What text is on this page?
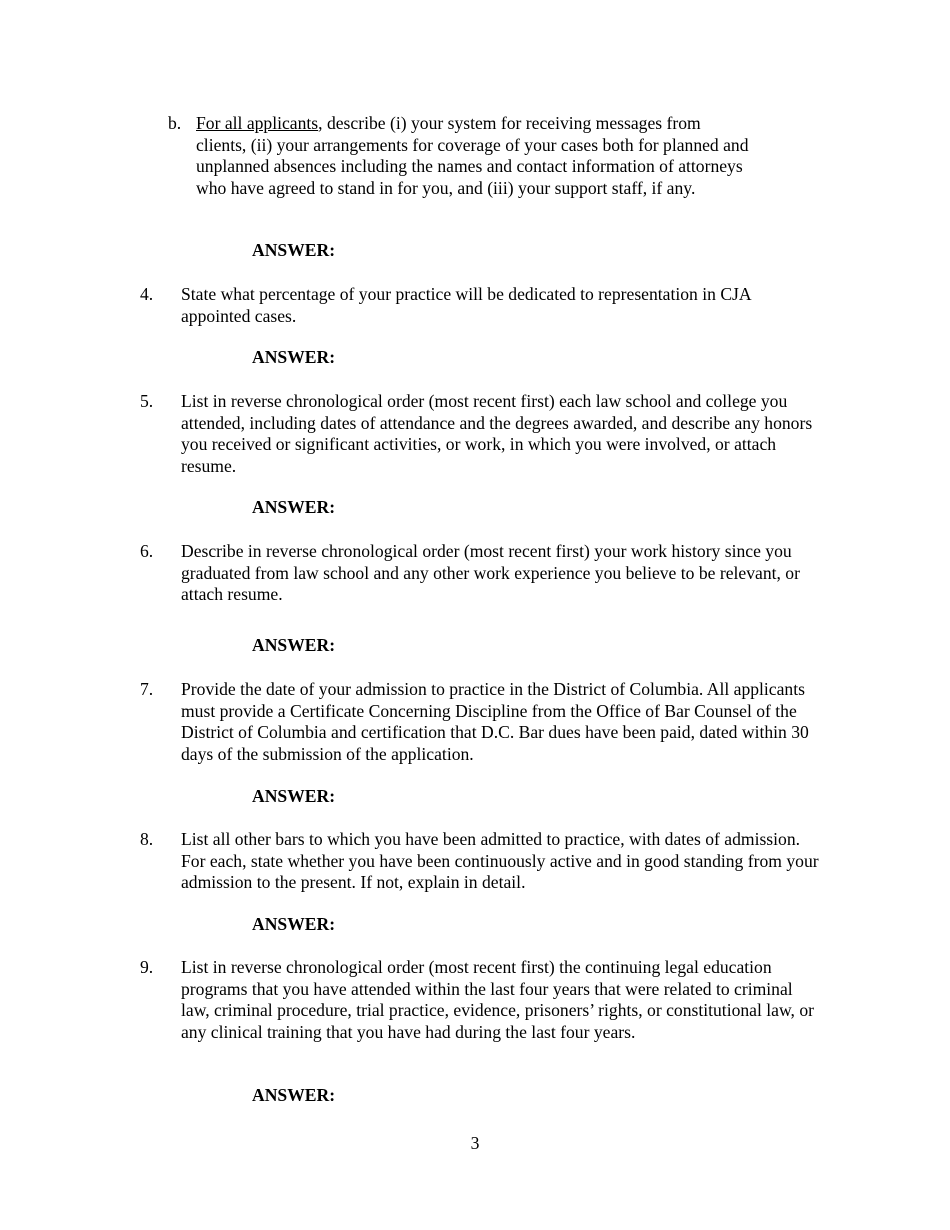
b. For all applicants, describe (i) your system for receiving messages from clients, (ii) your arrangements for coverage of your cases both for planned and unplanned absences including the names and contact information of attorneys who have agreed to stand in for you, and (iii) your support staff, if any.
ANSWER:
4. State what percentage of your practice will be dedicated to representation in CJA appointed cases.
ANSWER:
5. List in reverse chronological order (most recent first) each law school and college you attended, including dates of attendance and the degrees awarded, and describe any honors you received or significant activities, or work, in which you were involved, or attach resume.
ANSWER:
6. Describe in reverse chronological order (most recent first) your work history since you graduated from law school and any other work experience you believe to be relevant, or attach resume.
ANSWER:
7. Provide the date of your admission to practice in the District of Columbia. All applicants must provide a Certificate Concerning Discipline from the Office of Bar Counsel of the District of Columbia and certification that D.C. Bar dues have been paid, dated within 30 days of the submission of the application.
ANSWER:
8. List all other bars to which you have been admitted to practice, with dates of admission. For each, state whether you have been continuously active and in good standing from your admission to the present. If not, explain in detail.
ANSWER:
9. List in reverse chronological order (most recent first) the continuing legal education programs that you have attended within the last four years that were related to criminal law, criminal procedure, trial practice, evidence, prisoners’ rights, or constitutional law, or any clinical training that you have had during the last four years.
ANSWER:
3
